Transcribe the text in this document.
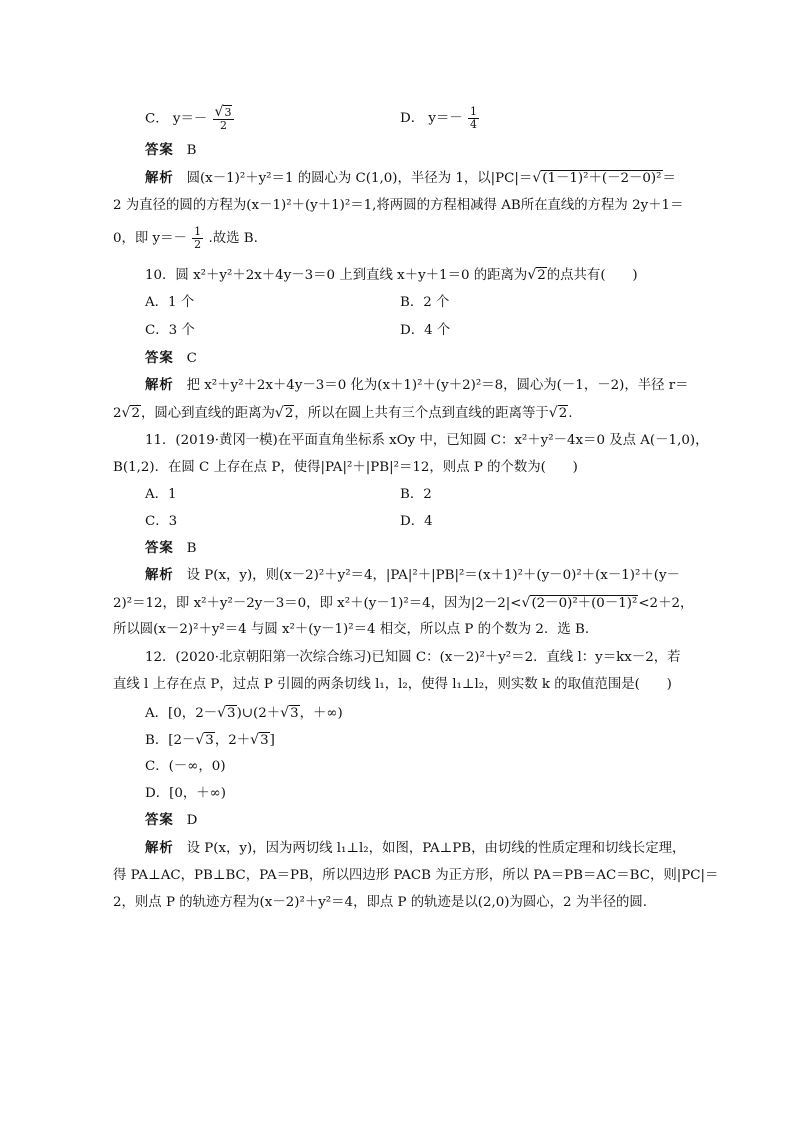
C． $y=- \frac{√3}{2}$	D． $y=- \frac{1}{4}$
答案 B
解析 圆(x－1)²＋y²＝1 的圆心为 C(1,0)，半径为 1，以|PC|＝√(1－1)²＋(－2－0)²＝
2 为直径的圆的方程为(x－1)²＋(y＋1)²＝1,将两圆的方程相减得 AB所在直线的方程为 2y＋1＝
0，即 $y=- \frac{1}{2}$ .故选 B.
10．圆 x²＋y²＋2x＋4y－3＝0 上到直线 x＋y＋1＝0 的距离为√2的点共有(　　)
A．1 个	B．2 个
C．3 个	D．4 个
答案 C
解析 把 x²＋y²＋2x＋4y－3＝0 化为(x＋1)²＋(y＋2)²＝8，圆心为(－1，－2)，半径 r＝
2√2，圆心到直线的距离为√2，所以在圆上共有三个点到直线的距离等于√2.
11．(2019·黄冈一模)在平面直角坐标系 xOy 中，已知圆 C：x²＋y²－4x＝0 及点 A(－1,0)，
B(1,2)．在圆 C 上存在点 P，使得|PA|²＋|PB|²＝12，则点 P 的个数为(　　)
A．1	B．2
C．3	D．4
答案 B
解析 设 P(x，y)，则(x－2)²＋y²＝4，|PA|²＋|PB|²＝(x＋1)²＋(y－0)²＋(x－1)²＋(y－
2)²＝12，即 x²＋y²－2y－3＝0，即 x²＋(y－1)²＝4，因为|2－2|<√(2－0)²＋(0－1)²<2＋2，
所以圆(x－2)²＋y²＝4 与圆 x²＋(y－1)²＝4 相交，所以点 P 的个数为 2．选 B.
12．(2020·北京朝阳第一次综合练习)已知圆 C：(x－2)²＋y²＝2．直线 l：y＝kx－2，若
直线 l 上存在点 P，过点 P 引圆的两条切线 l₁，l₂，使得 l₁⊥l₂，则实数 k 的取值范围是(　　)
A．[0，2－√3)∪(2＋√3，＋∞)
B．[2－√3，2＋√3]
C．(－∞，0)
D．[0，＋∞)
答案 D
解析 设 P(x，y)，因为两切线 l₁⊥l₂，如图，PA⊥PB，由切线的性质定理和切线长定理，
得 PA⊥AC，PB⊥BC，PA＝PB，所以四边形 PACB 为正方形，所以 PA＝PB＝AC＝BC，则|PC|＝
2，则点 P 的轨迹方程为(x－2)²＋y²＝4，即点 P 的轨迹是以(2,0)为圆心，2 为半径的圆.
